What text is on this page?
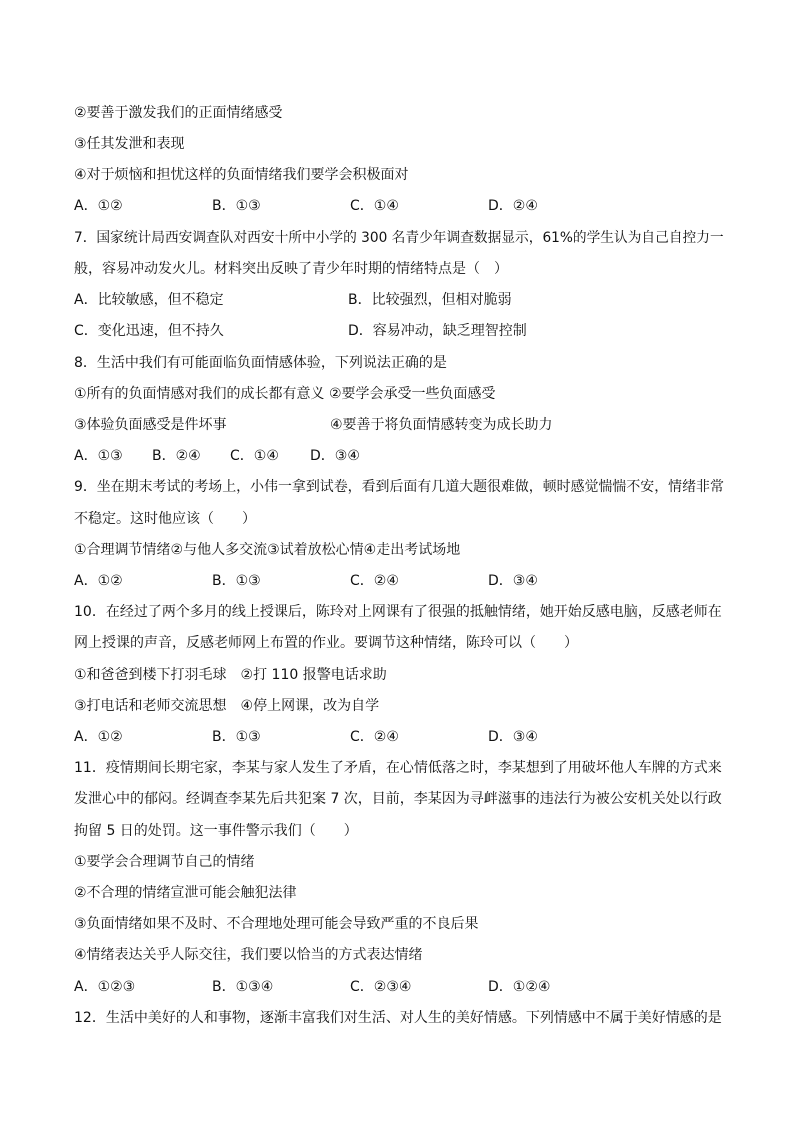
②要善于激发我们的正面情绪感受
③任其发泄和表现
④对于烦恼和担忧这样的负面情绪我们要学会积极面对
A．①②	B．①③	C．①④	D．②④
7．国家统计局西安调查队对西安十所中小学的 300 名青少年调查数据显示，61%的学生认为自己自控力一
般，容易冲动发火儿。材料突出反映了青少年时期的情绪特点是（　）
A．比较敏感，但不稳定	B．比较强烈，但相对脆弱
C．变化迅速，但不持久	D．容易冲动，缺乏理智控制
8．生活中我们有可能面临负面情感体验，下列说法正确的是
①所有的负面情感对我们的成长都有意义 ②要学会承受一些负面感受
③体验负面感受是件坏事	④要善于将负面情感转变为成长助力
A．①③ B．②④ C．①④ D．③④
9．坐在期末考试的考场上，小伟一拿到试卷，看到后面有几道大题很难做，顿时感觉惴惴不安，情绪非常
不稳定。这时他应该（　　）
①合理调节情绪②与他人多交流③试着放松心情④走出考试场地
A．①②	B．①③	C．②④	D．③④
10．在经过了两个多月的线上授课后，陈玲对上网课有了很强的抵触情绪，她开始反感电脑，反感老师在
网上授课的声音，反感老师网上布置的作业。要调节这种情绪，陈玲可以（　　）
①和爸爸到楼下打羽毛球　②打 110 报警电话求助
③打电话和老师交流思想　④停上网课，改为自学
A．①②	B．①③	C．②④	D．③④
11．疫情期间长期宅家，李某与家人发生了矛盾，在心情低落之时，李某想到了用破坏他人车牌的方式来
发泄心中的郁闷。经调查李某先后共犯案 7 次，目前，李某因为寻衅滋事的违法行为被公安机关处以行政
拘留 5 日的处罚。这一事件警示我们（　　）
①要学会合理调节自己的情绪
②不合理的情绪宣泄可能会触犯法律
③负面情绪如果不及时、不合理地处理可能会导致严重的不良后果
④情绪表达关乎人际交往，我们要以恰当的方式表达情绪
A．①②③	B．①③④	C．②③④	D．①②④
12．生活中美好的人和事物，逐渐丰富我们对生活、对人生的美好情感。下列情感中不属于美好情感的是
